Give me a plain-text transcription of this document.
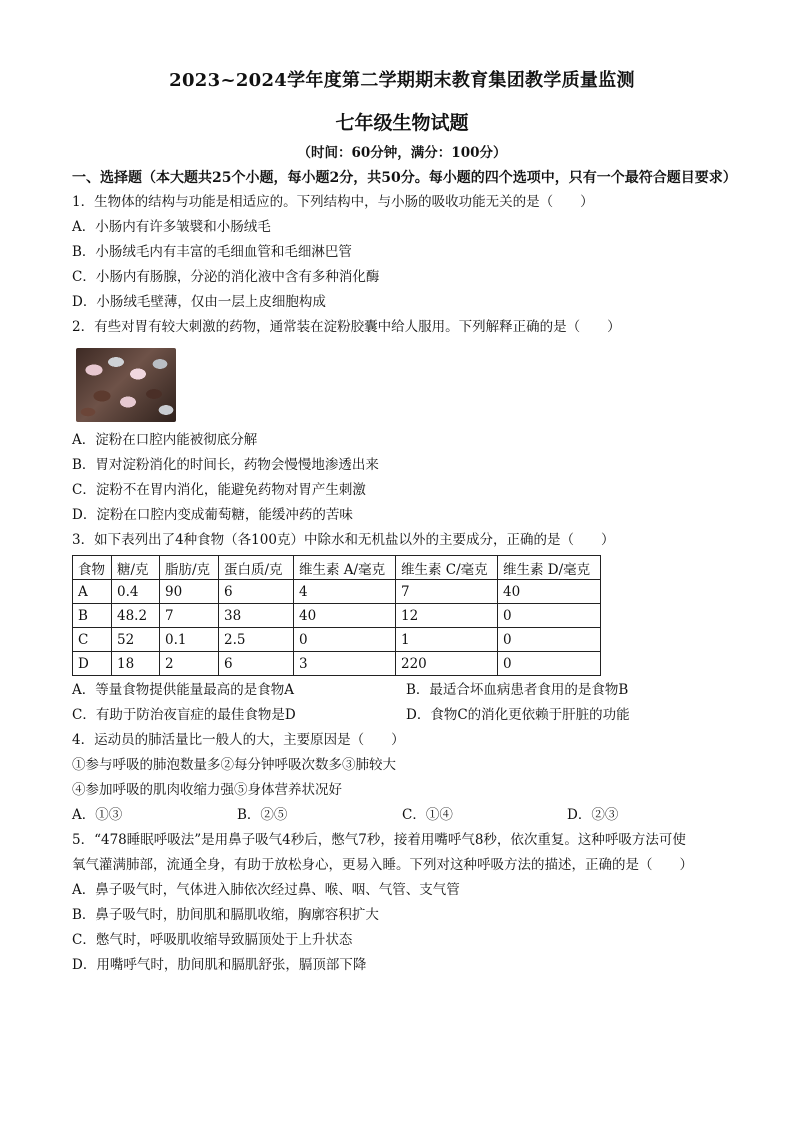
2023~2024学年度第二学期期末教育集团教学质量监测
七年级生物试题
（时间：60分钟，满分：100分）
一、选择题（本大题共25个小题，每小题2分，共50分。每小题的四个选项中，只有一个最符合题目要求）
1．生物体的结构与功能是相适应的。下列结构中，与小肠的吸收功能无关的是（　　）
A．小肠内有许多皱襞和小肠绒毛
B．小肠绒毛内有丰富的毛细血管和毛细淋巴管
C．小肠内有肠腺，分泌的消化液中含有多种消化酶
D．小肠绒毛壁薄，仅由一层上皮细胞构成
2．有些对胃有较大刺激的药物，通常装在淀粉胶囊中给人服用。下列解释正确的是（　　）
A．淀粉在口腔内能被彻底分解
B．胃对淀粉消化的时间长，药物会慢慢地渗透出来
C．淀粉不在胃内消化，能避免药物对胃产生刺激
D．淀粉在口腔内变成葡萄糖，能缓冲药的苦味
3．如下表列出了4种食物（各100克）中除水和无机盐以外的主要成分，正确的是（　　）
食物	糖/克	脂肪/克	蛋白质/克	维生素 A/毫克	维生素 C/毫克	维生素 D/毫克
A	0.4	90	6	4	7	40
B	48.2	7	38	40	12	0
C	52	0.1	2.5	0	1	0
D	18	2	6	3	220	0
A．等量食物提供能量最高的是食物A	B．最适合坏血病患者食用的是食物B
C．有助于防治夜盲症的最佳食物是D	D．食物C的消化更依赖于肝脏的功能
4．运动员的肺活量比一般人的大，主要原因是（　　）
①参与呼吸的肺泡数量多②每分钟呼吸次数多③肺较大
④参加呼吸的肌肉收缩力强⑤身体营养状况好
A．①③	B．②⑤	C．①④	D．②③
5．“478睡眠呼吸法”是用鼻子吸气4秒后，憋气7秒，接着用嘴呼气8秒，依次重复。这种呼吸方法可使
氧气灌满肺部，流通全身，有助于放松身心，更易入睡。下列对这种呼吸方法的描述，正确的是（　　）
A．鼻子吸气时，气体进入肺依次经过鼻、喉、咽、气管、支气管
B．鼻子吸气时，肋间肌和膈肌收缩，胸廓容积扩大
C．憋气时，呼吸肌收缩导致膈顶处于上升状态
D．用嘴呼气时，肋间肌和膈肌舒张，膈顶部下降
